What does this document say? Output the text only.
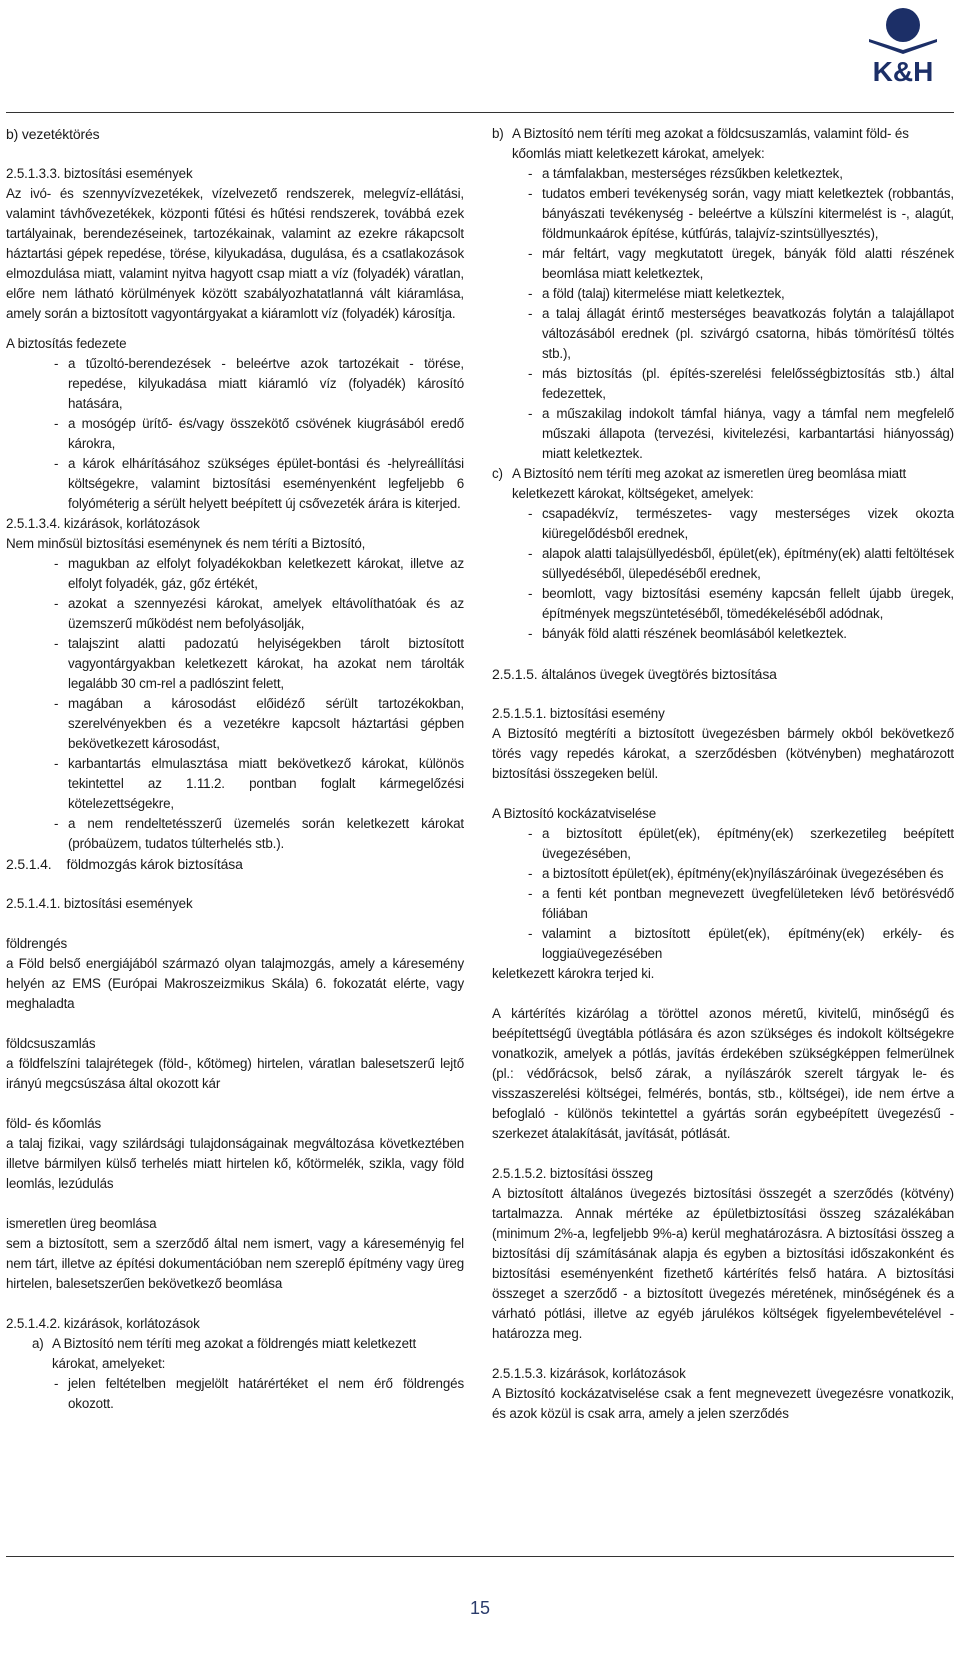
K&H
b) vezetéktörés

2.5.1.3.3. biztosítási események

Az ivó- és szennyvízvezetékek, vízelvezető rendszerek, melegvíz-ellátási, valamint távhővezetékek, központi fűtési és hűtési rendszerek, továbbá ezek tartályainak, berendezéseinek, tartozékainak, valamint az ezekre rákapcsolt háztartási gépek repedése, törése, kilyukadása, dugulása, és a csatlakozások elmozdulása miatt, valamint nyitva hagyott csap miatt a víz (folyadék) váratlan, előre nem látható körülmények között szabályozhatatlanná vált kiáramlása, amely során a biztosított vagyontárgyakat a kiáramlott víz (folyadék) károsítja.

A biztosítás fedezete

- a tűzoltó-berendezések - beleértve azok tartozékait - törése, repedése, kilyukadása miatt kiáramló víz (folyadék) károsító hatására,
- a mosógép ürítő- és/vagy összekötő csövének kiugrásából eredő károkra,
- a károk elhárításához szükséges épület-bontási és -helyreállítási költségekre, valamint biztosítási eseményenként legfeljebb 6 folyóméterig a sérült helyett beépített új csővezeték árára is kiterjed.

2.5.1.3.4. kizárások, korlátozások

Nem minősül biztosítási eseménynek és nem téríti a Biztosító,

- magukban az elfolyt folyadékokban keletkezett károkat, illetve az elfolyt folyadék, gáz, gőz értékét,
- azokat a szennyezési károkat, amelyek eltávolíthatóak és az üzemszerű működést nem befolyásolják,
- talajszint alatti padozatú helyiségekben tárolt biztosított vagyontárgyakban keletkezett károkat, ha azokat nem tárolták legalább 30 cm-rel a padlószint felett,
- magában a károsodást előidéző sérült tartozékokban, szerelvényekben és a vezetékre kapcsolt háztartási gépben bekövetkezett károsodást,
- karbantartás elmulasztása miatt bekövetkező károkat, különös tekintettel az 1.11.2. pontban foglalt kármegelőzési kötelezettségekre,
- a nem rendeltetésszerű üzemelés során keletkezett károkat (próbaüzem, tudatos túlterhelés stb.).
2.5.1.4.    földmozgás károk biztosítása

2.5.1.4.1. biztosítási események

földrengés

a Föld belső energiájából származó olyan talajmozgás, amely a káresemény helyén az EMS (Európai Makroszeizmikus Skála) 6. fokozatát elérte, vagy meghaladta

földcsuszamlás

a földfelszíni talajrétegek (föld-, kőtömeg) hirtelen, váratlan balesetszerű lejtő irányú megcsúszása által okozott kár

föld- és kőomlás

a talaj fizikai, vagy szilárdsági tulajdonságainak megváltozása következtében illetve bármilyen külső terhelés miatt hirtelen kő, kőtörmelék, szikla, vagy föld leomlás, lezúdulás

ismeretlen üreg beomlása

sem a biztosított, sem a szerződő által nem ismert, vagy a káreseményig fel nem tárt, illetve az építési dokumentációban nem szereplő építmény vagy üreg hirtelen, balesetszerűen bekövetkező beomlása

2.5.1.4.2. kizárások, korlátozások

a) A Biztosító nem téríti meg azokat a földrengés miatt keletkezett károkat, amelyeket:
- jelen feltételben megjelölt határértéket el nem érő földrengés okozott.
b) A Biztosító nem téríti meg azokat a földcsuszamlás, valamint föld- és kőomlás miatt keletkezett károkat, amelyek:
- a támfalakban, mesterséges rézsűkben keletkeztek,
- tudatos emberi tevékenység során, vagy miatt keletkeztek (robbantás, bányászati tevékenység - beleértve a külszíni kitermelést is -, alagút, földmunkaárok építése, kútfúrás, talajvíz-szintsüllyesztés),
- már feltárt, vagy megkutatott üregek, bányák föld alatti részének beomlása miatt keletkeztek,
- a föld (talaj) kitermelése miatt keletkeztek,
- a talaj állagát érintő mesterséges beavatkozás folytán a talajállapot változásából erednek (pl. szivárgó csatorna, hibás tömörítésű töltés stb.),
- más biztosítás (pl. építés-szerelési felelősségbiztosítás stb.) által fedezettek,
- a műszakilag indokolt támfal hiánya, vagy a támfal nem megfelelő műszaki állapota (tervezési, kivitelezési, karbantartási hiányosság) miatt keletkeztek.
c) A Biztosító nem téríti meg azokat az ismeretlen üreg beomlása miatt keletkezett károkat, költségeket, amelyek:
- csapadékvíz, természetes- vagy mesterséges vizek okozta kiüregelődésből erednek,
- alapok alatti talajsüllyedésből, épület(ek), építmény(ek) alatti feltöltések süllyedéséből, ülepedéséből erednek,
- beomlott, vagy biztosítási esemény kapcsán fellelt újabb üregek, építmények megszüntetéséből, tömedékeléséből adódnak,
- bányák föld alatti részének beomlásából keletkeztek.
2.5.1.5. általános üvegek üvegtörés biztosítása

2.5.1.5.1. biztosítási esemény

A Biztosító megtéríti a biztosított üvegezésben bármely okból bekövetkező törés vagy repedés károkat, a szerződésben (kötvényben) meghatározott biztosítási összegeken belül.

A Biztosító kockázatviselése

- a biztosított épület(ek), építmény(ek) szerkezetileg beépített üvegezésében,
- a biztosított épület(ek), építmény(ek)nyílászáróinak üvegezésében és
- a fenti két pontban megnevezett üvegfelületeken lévő betörésvédő fóliában
- valamint a biztosított épület(ek), építmény(ek) erkély- és loggiaüvegezésében

keletkezett károkra terjed ki.

A kártérítés kizárólag a töröttel azonos méretű, kivitelű, minőségű és beépítettségű üvegtábla pótlására és azon szükséges és indokolt költségekre vonatkozik, amelyek a pótlás, javítás érdekében szükségképpen felmerülnek (pl.: védőrácsok, belső zárak, a nyílászárók szerelt tárgyak le- és visszaszerelési költségei, felmérés, bontás, stb., költségei), ide nem értve a befoglaló - különös tekintettel a gyártás során egybeépített üvegezésű - szerkezet átalakítását, javítását, pótlását.

2.5.1.5.2. biztosítási összeg

A biztosított általános üvegezés biztosítási összegét a szerződés (kötvény) tartalmazza. Annak mértéke az épületbiztosítási összeg százalékában (minimum 2%-a, legfeljebb 9%-a) kerül meghatározásra. A biztosítási összeg a biztosítási díj számításának alapja és egyben a biztosítási időszakonként és biztosítási eseményenként fizethető kártérítés felső határa. A biztosítási összeget a szerződő - a biztosított üvegezés méretének, minőségének és a várható pótlási, illetve az egyéb járulékos költségek figyelembevételével - határozza meg.

2.5.1.5.3. kizárások, korlátozások

A Biztosító kockázatviselése csak a fent megnevezett üvegezésre vonatkozik, és azok közül is csak arra, amely a jelen szerződés

15
